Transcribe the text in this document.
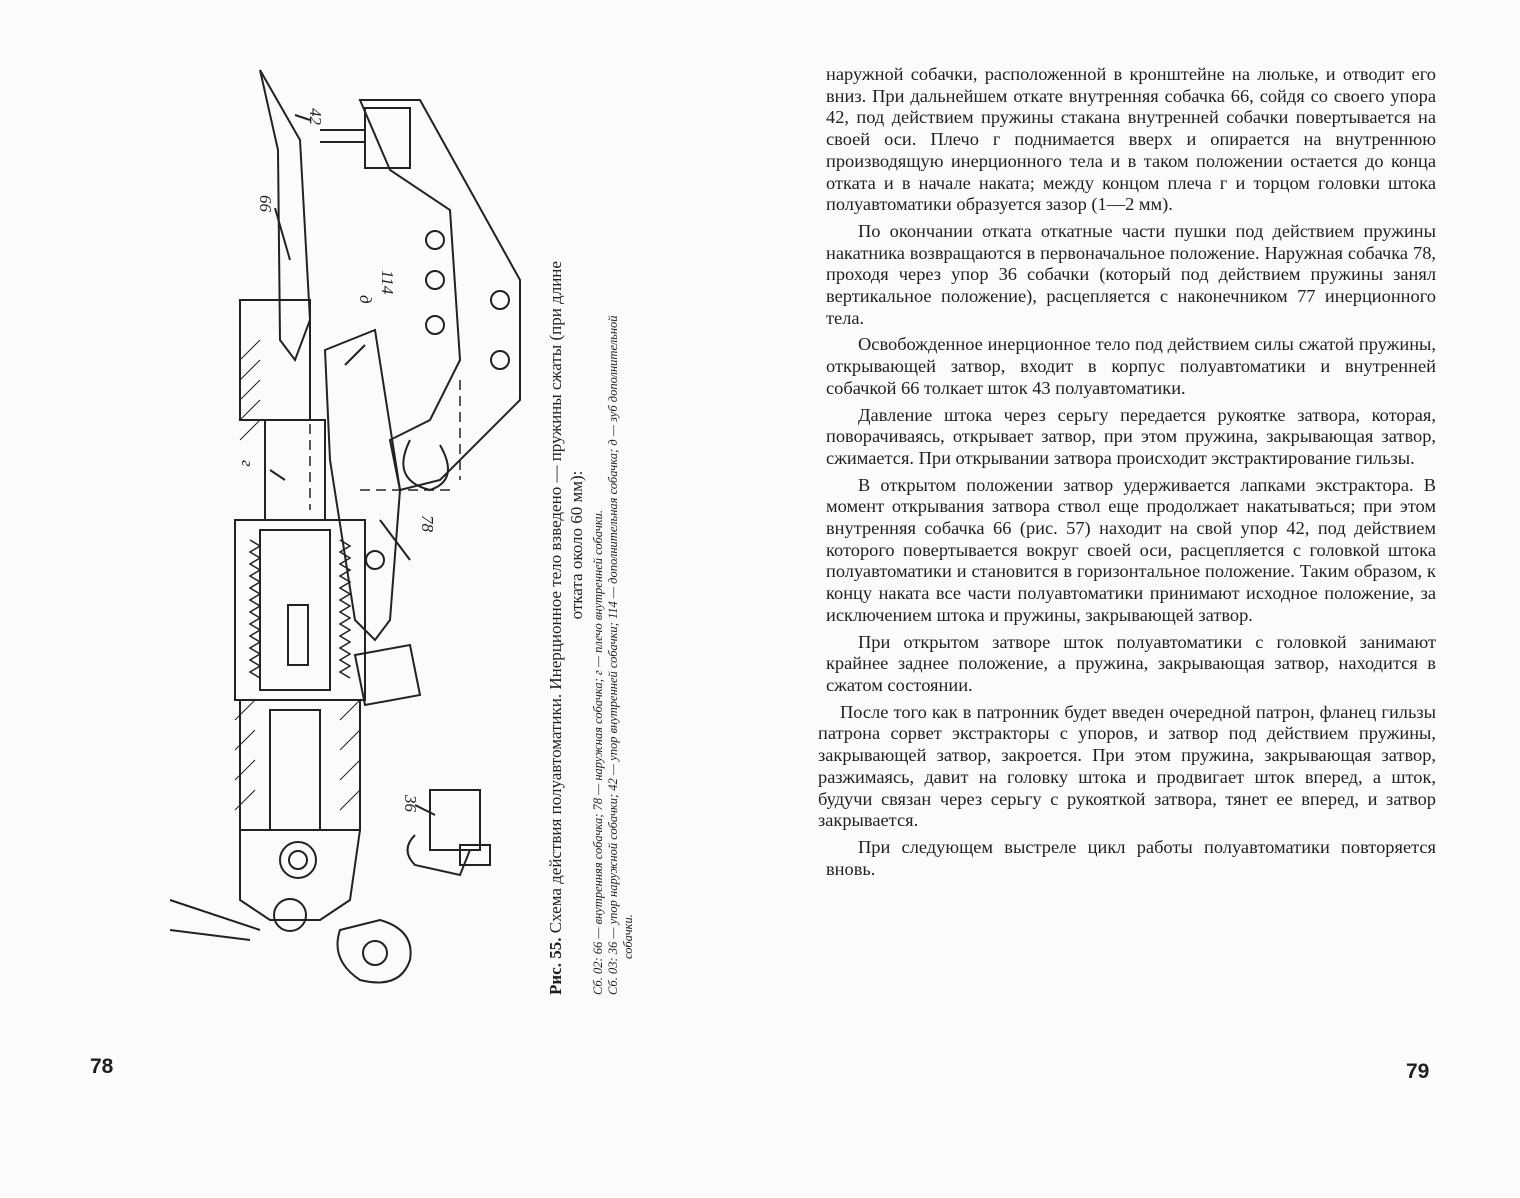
42
66
114
д
г
78
36
Рис. 55. Схема действия полуавтоматики. Инерционное тело взведено — пружины сжаты (при длине отката около 60 мм): Сб. 02: 66 — внутренняя собачка; 78 — наружная собачка; г — плечо внутренней собачки. Сб. 03: 36 — упор наружной собачки; 42 — упор внутренней собачки; 114 — дополнительная собачка; д — зуб дополнительной собачки.
78

наружной собачки, расположенной в кронштейне на люльке, и отводит его вниз. При дальнейшем откате внутренняя собачка 66, сойдя со своего упора 42, под действием пружины стакана внутренней собачки повертывается на своей оси. Плечо г поднимается вверх и опирается на внутреннюю производящую инерционного тела и в таком положении остается до конца отката и в начале наката; между концом плеча г и торцом головки штока полуавтоматики образуется зазор (1—2 мм).

По окончании отката откатные части пушки под действием пружины накатника возвращаются в первоначальное положение. Наружная собачка 78, проходя через упор 36 собачки (который под действием пружины занял вертикальное положение), расцепляется с наконечником 77 инерционного тела.

Освобожденное инерционное тело под действием силы сжатой пружины, открывающей затвор, входит в корпус полуавтоматики и внутренней собачкой 66 толкает шток 43 полуавтоматики.

Давление штока через серьгу передается рукоятке затвора, которая, поворачиваясь, открывает затвор, при этом пружина, закрывающая затвор, сжимается. При открывании затвора происходит экстрактирование гильзы.

В открытом положении затвор удерживается лапками экстрактора. В момент открывания затвора ствол еще продолжает накатываться; при этом внутренняя собачка 66 (рис. 57) находит на свой упор 42, под действием которого повертывается вокруг своей оси, расцепляется с головкой штока полуавтоматики и становится в горизонтальное положение. Таким образом, к концу наката все части полуавтоматики принимают исходное положение, за исключением штока и пружины, закрывающей затвор.

При открытом затворе шток полуавтоматики с головкой занимают крайнее заднее положение, а пружина, закрывающая затвор, находится в сжатом состоянии.

После того как в патронник будет введен очередной патрон, фланец гильзы патрона сорвет экстракторы с упоров, и затвор под действием пружины, закрывающей затвор, закроется. При этом пружина, закрывающая затвор, разжимаясь, давит на головку штока и продвигает шток вперед, а шток, будучи связан через серьгу с рукояткой затвора, тянет ее вперед, и затвор закрывается.

При следующем выстреле цикл работы полуавтоматики повторяется вновь.

79
